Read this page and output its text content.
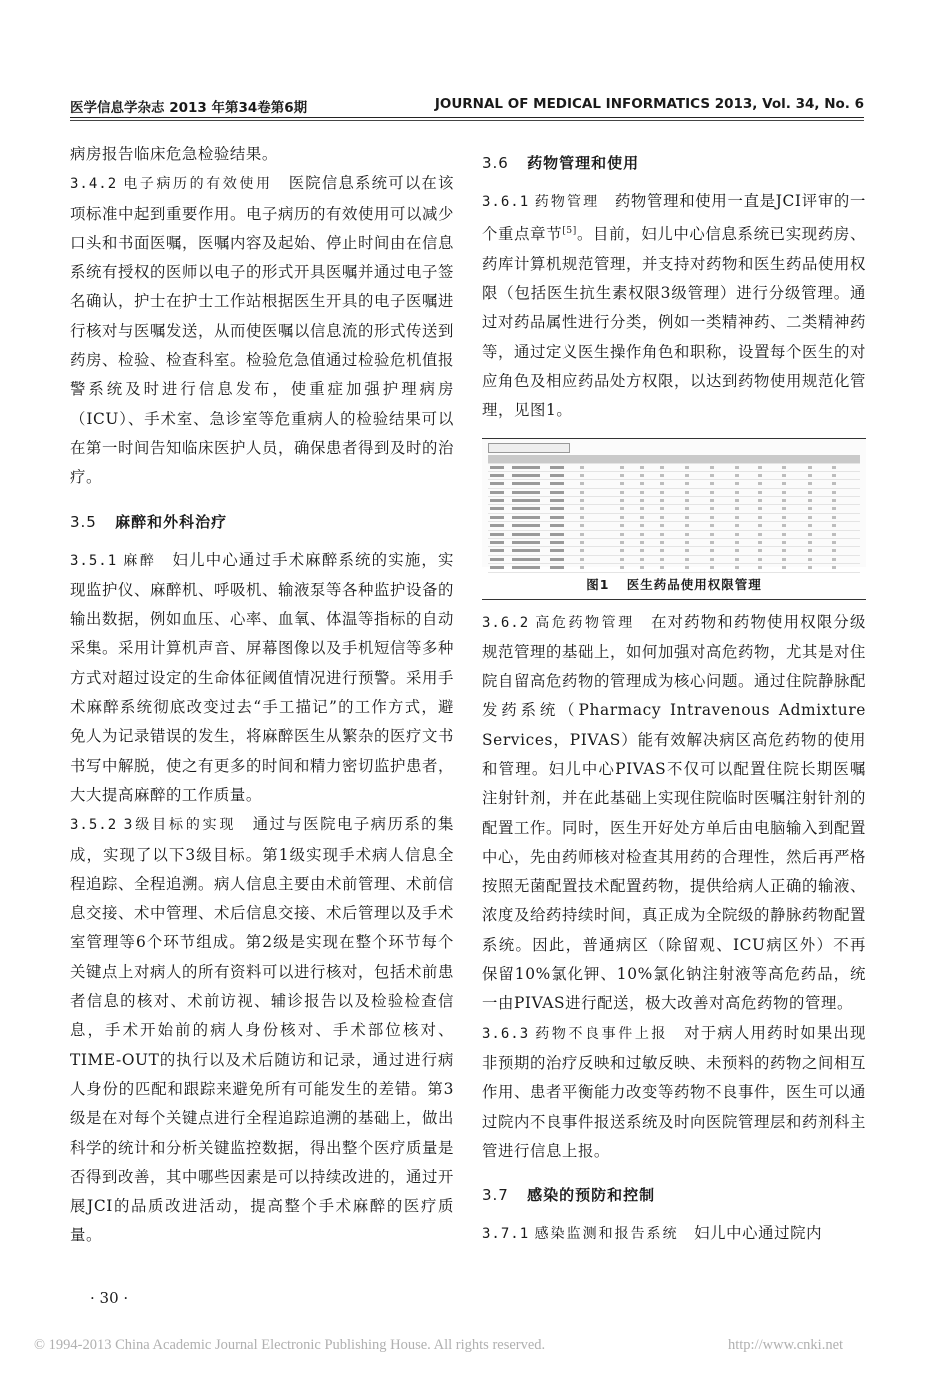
医学信息学杂志 2013 年第34卷第6期	JOURNAL OF MEDICAL INFORMATICS 2013, Vol. 34, No. 6

病房报告临床危急检验结果。

3.4.2 电子病历的有效使用 医院信息系统可以在该项标准中起到重要作用。电子病历的有效使用可以减少口头和书面医嘱，医嘱内容及起始、停止时间由在信息系统有授权的医师以电子的形式开具医嘱并通过电子签名确认，护士在护士工作站根据医生开具的电子医嘱进行核对与医嘱发送，从而使医嘱以信息流的形式传送到药房、检验、检查科室。检验危急值通过检验危机值报警系统及时进行信息发布，使重症加强护理病房（ICU）、手术室、急诊室等危重病人的检验结果可以在第一时间告知临床医护人员，确保患者得到及时的治疗。

3.5 麻醉和外科治疗

3.5.1 麻醉 妇儿中心通过手术麻醉系统的实施，实现监护仪、麻醉机、呼吸机、输液泵等各种监护设备的输出数据，例如血压、心率、血氧、体温等指标的自动采集。采用计算机声音、屏幕图像以及手机短信等多种方式对超过设定的生命体征阈值情况进行预警。采用手术麻醉系统彻底改变过去“手工描记”的工作方式，避免人为记录错误的发生，将麻醉医生从繁杂的医疗文书书写中解脱，使之有更多的时间和精力密切监护患者，大大提高麻醉的工作质量。

3.5.2 3级目标的实现 通过与医院电子病历系的集成，实现了以下3级目标。第1级实现手术病人信息全程追踪、全程追溯。病人信息主要由术前管理、术前信息交接、术中管理、术后信息交接、术后管理以及手术室管理等6个环节组成。第2级是实现在整个环节每个关键点上对病人的所有资料可以进行核对，包括术前患者信息的核对、术前访视、辅诊报告以及检验检查信息，手术开始前的病人身份核对、手术部位核对、TIME-OUT的执行以及术后随访和记录，通过进行病人身份的匹配和跟踪来避免所有可能发生的差错。第3级是在对每个关键点进行全程追踪追溯的基础上，做出科学的统计和分析关键监控数据，得出整个医疗质量是否得到改善，其中哪些因素是可以持续改进的，通过开展JCI的品质改进活动，提高整个手术麻醉的医疗质量。

3.6 药物管理和使用

3.6.1 药物管理 药物管理和使用一直是JCI评审的一个重点章节[5]。目前，妇儿中心信息系统已实现药房、药库计算机规范管理，并支持对药物和医生药品使用权限（包括医生抗生素权限3级管理）进行分级管理。通过对药品属性进行分类，例如一类精神药、二类精神药等，通过定义医生操作角色和职称，设置每个医生的对应角色及相应药品处方权限，以达到药物使用规范化管理，见图1。

图1 医生药品使用权限管理

3.6.2 高危药物管理 在对药物和药物使用权限分级规范管理的基础上，如何加强对高危药物，尤其是对住院自留高危药物的管理成为核心问题。通过住院静脉配发药系统（Pharmacy Intravenous Admixture Services，PIVAS）能有效解决病区高危药物的使用和管理。妇儿中心PIVAS不仅可以配置住院长期医嘱注射针剂，并在此基础上实现住院临时医嘱注射针剂的配置工作。同时，医生开好处方单后由电脑输入到配置中心，先由药师核对检查其用药的合理性，然后再严格按照无菌配置技术配置药物，提供给病人正确的输液、浓度及给药持续时间，真正成为全院级的静脉药物配置系统。因此，普通病区（除留观、ICU病区外）不再保留10%氯化钾、10%氯化钠注射液等高危药品，统一由PIVAS进行配送，极大改善对高危药物的管理。

3.6.3 药物不良事件上报 对于病人用药时如果出现非预期的治疗反映和过敏反映、未预料的药物之间相互作用、患者平衡能力改变等药物不良事件，医生可以通过院内不良事件报送系统及时向医院管理层和药剂科主管进行信息上报。

3.7 感染的预防和控制

3.7.1 感染监测和报告系统 妇儿中心通过院内

· 30 ·
© 1994-2013 China Academic Journal Electronic Publishing House. All rights reserved.	http://www.cnki.net
